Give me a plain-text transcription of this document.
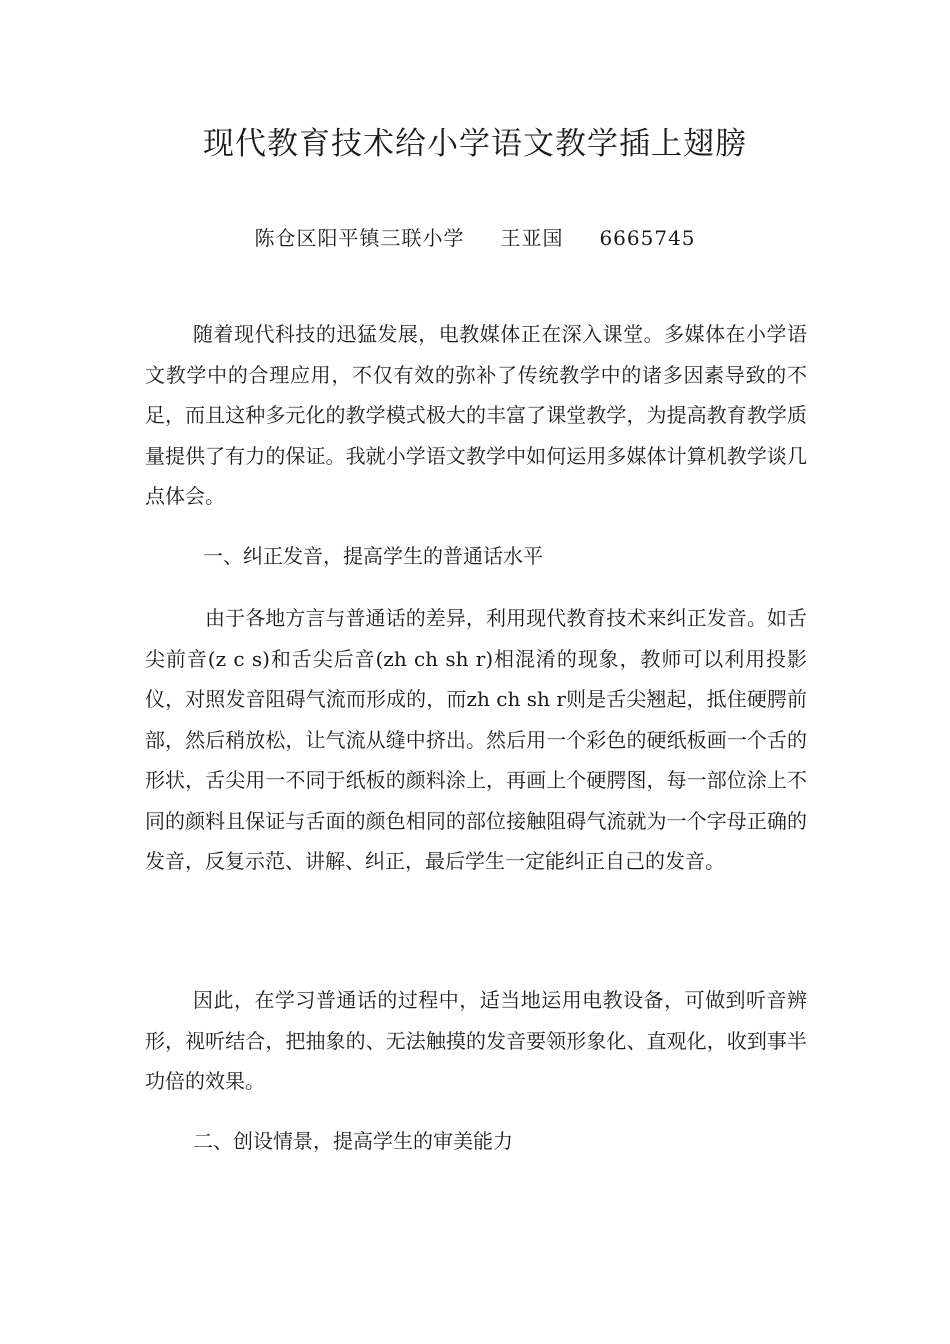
现代教育技术给小学语文教学插上翅膀
陈仓区阳平镇三联小学 王亚国 6665745

随着现代科技的迅猛发展，电教媒体正在深入课堂。多媒体在小学语文教学中的合理应用，不仅有效的弥补了传统教学中的诸多因素导致的不足，而且这种多元化的教学模式极大的丰富了课堂教学，为提高教育教学质量提供了有力的保证。我就小学语文教学中如何运用多媒体计算机教学谈几点体会。

一、纠正发音，提高学生的普通话水平

由于各地方言与普通话的差异，利用现代教育技术来纠正发音。如舌尖前音(z c s)和舌尖后音(zh ch sh r)相混淆的现象，教师可以利用投影仪，对照发音阻碍气流而形成的，而zh ch sh r则是舌尖翘起，抵住硬腭前部，然后稍放松，让气流从缝中挤出。然后用一个彩色的硬纸板画一个舌的形状，舌尖用一不同于纸板的颜料涂上，再画上个硬腭图，每一部位涂上不同的颜料且保证与舌面的颜色相同的部位接触阻碍气流就为一个字母正确的发音，反复示范、讲解、纠正，最后学生一定能纠正自己的发音。

因此，在学习普通话的过程中，适当地运用电教设备，可做到听音辨形，视听结合，把抽象的、无法触摸的发音要领形象化、直观化，收到事半功倍的效果。

二、创设情景，提高学生的审美能力
